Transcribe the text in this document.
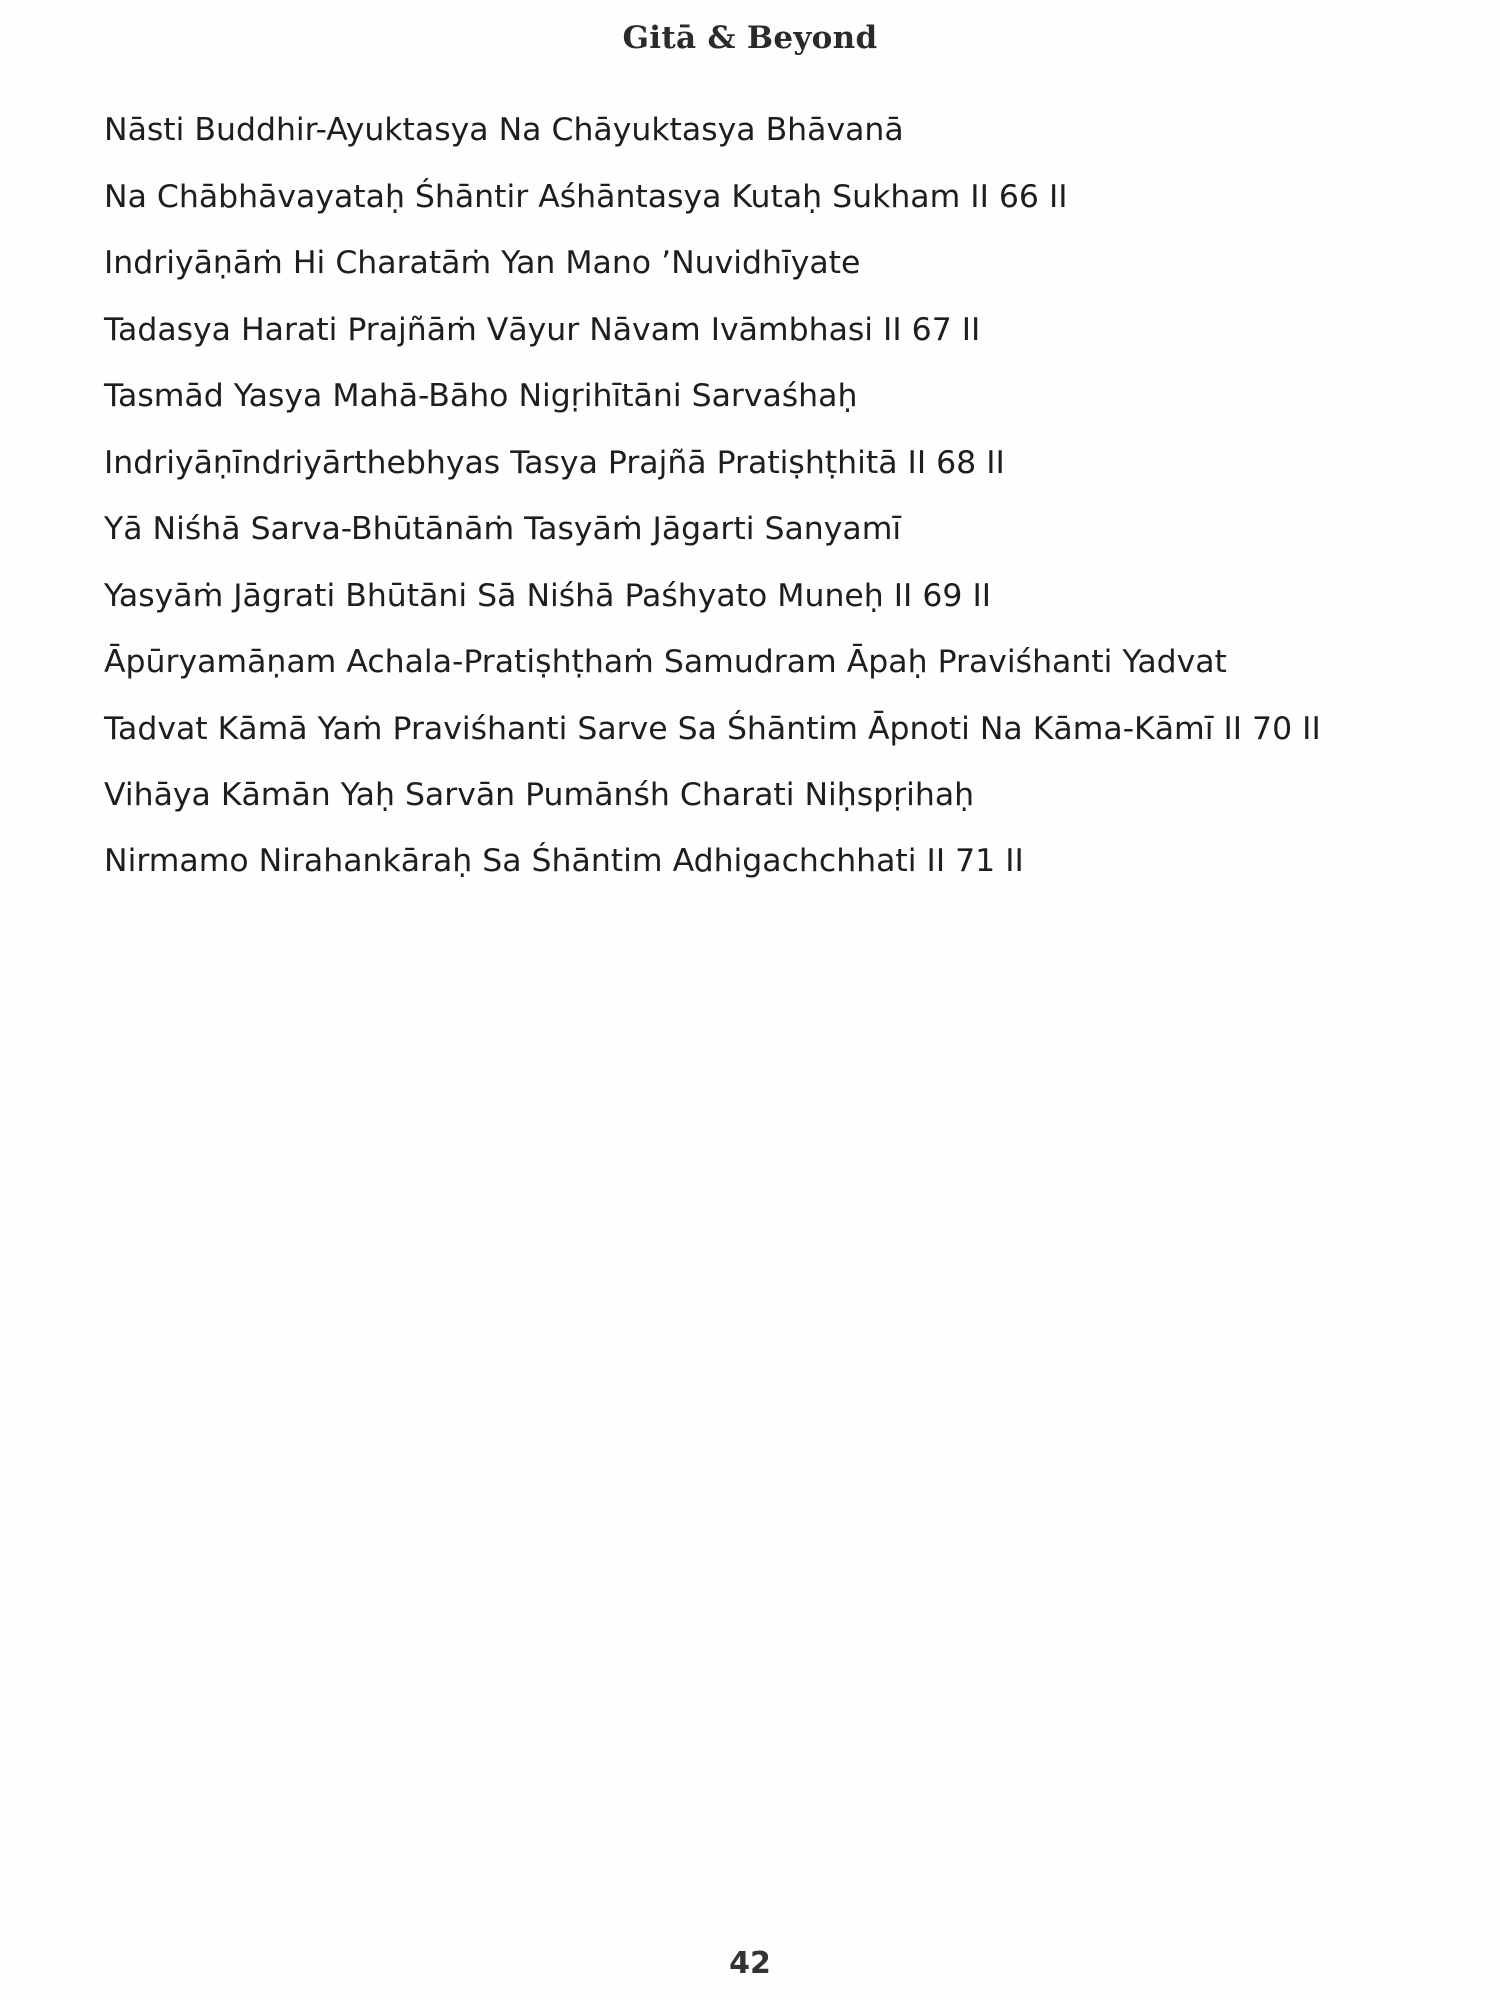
Gitā & Beyond

Nāsti Buddhir-Ayuktasya Na Chāyuktasya Bhāvanā

Na Chābhāvayataḥ Śhāntir Aśhāntasya Kutaḥ Sukham II 66 II

Indriyāṇāṁ Hi Charatāṁ Yan Mano ’Nuvidhīyate

Tadasya Harati Prajñāṁ Vāyur Nāvam Ivāmbhasi II 67 II

Tasmād Yasya Mahā-Bāho Nigṛihītāni Sarvaśhaḥ

Indriyāṇīndriyārthebhyas Tasya Prajñā Pratiṣhṭhitā II 68 II

Yā Niśhā Sarva-Bhūtānāṁ Tasyāṁ Jāgarti Sanyamī

Yasyāṁ Jāgrati Bhūtāni Sā Niśhā Paśhyato Muneḥ II 69 II

Āpūryamāṇam Achala-Pratiṣhṭhaṁ Samudram Āpaḥ Praviśhanti Yadvat

Tadvat Kāmā Yaṁ Praviśhanti Sarve Sa Śhāntim Āpnoti Na Kāma-Kāmī II 70 II

Vihāya Kāmān Yaḥ Sarvān Pumānśh Charati Niḥspṛihaḥ

Nirmamo Nirahankāraḥ Sa Śhāntim Adhigachchhati II 71 II

42
